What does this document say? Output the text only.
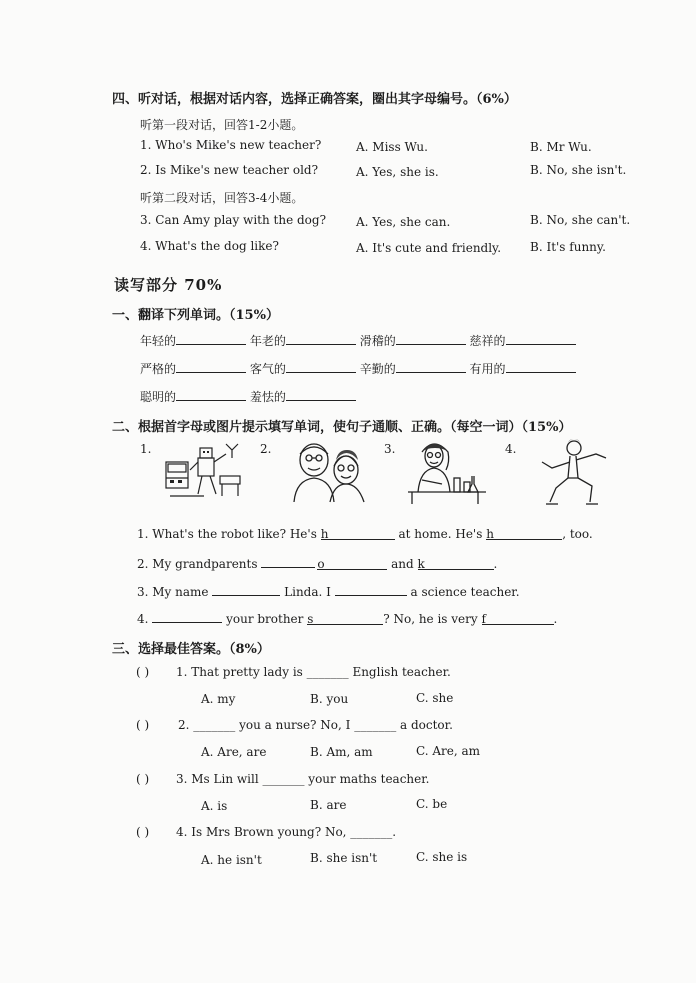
四、听对话，根据对话内容，选择正确答案，圈出其字母编号。（6%）
听第一段对话，回答1-2小题。
1. Who's Mike's new teacher?	A. Miss Wu.	B. Mr Wu.
2. Is Mike's new teacher old?	A. Yes, she is.	B. No, she isn't.
听第二段对话，回答3-4小题。
3. Can Amy play with the dog? A. Yes, she can.	B. No, she can't.
4. What's the dog like?	A. It's cute and friendly. B. It's funny.
读写部分 70%
一、翻译下列单词。（15%）
年轻的	年老的	滑稽的	慈祥的
严格的	客气的	辛勤的	有用的
聪明的	羞怯的
二、根据首字母或图片提示填写单词，使句子通顺、正确。（每空一词）（15%）
1.	2.	3.	4.
1. What's the robot like? He's h	at home. He's h	, too.
2. My grandparents	o	and k	.
3. My name	Linda. I	a science teacher.
4.	your brother s	? No, he is very f	.
三、选择最佳答案。（8%）
( ) 1. That pretty lady is _______ English teacher.
A. my	B. you	C. she
( ) 2. _______ you a nurse? No, I _______ a doctor.
A. Are, are	B. Am, am	C. Are, am
( ) 3. Ms Lin will _______ your maths teacher.
A. is	B. are	C. be
( ) 4. Is Mrs Brown young? No, _______.
A. he isn't	B. she isn't	C. she is
